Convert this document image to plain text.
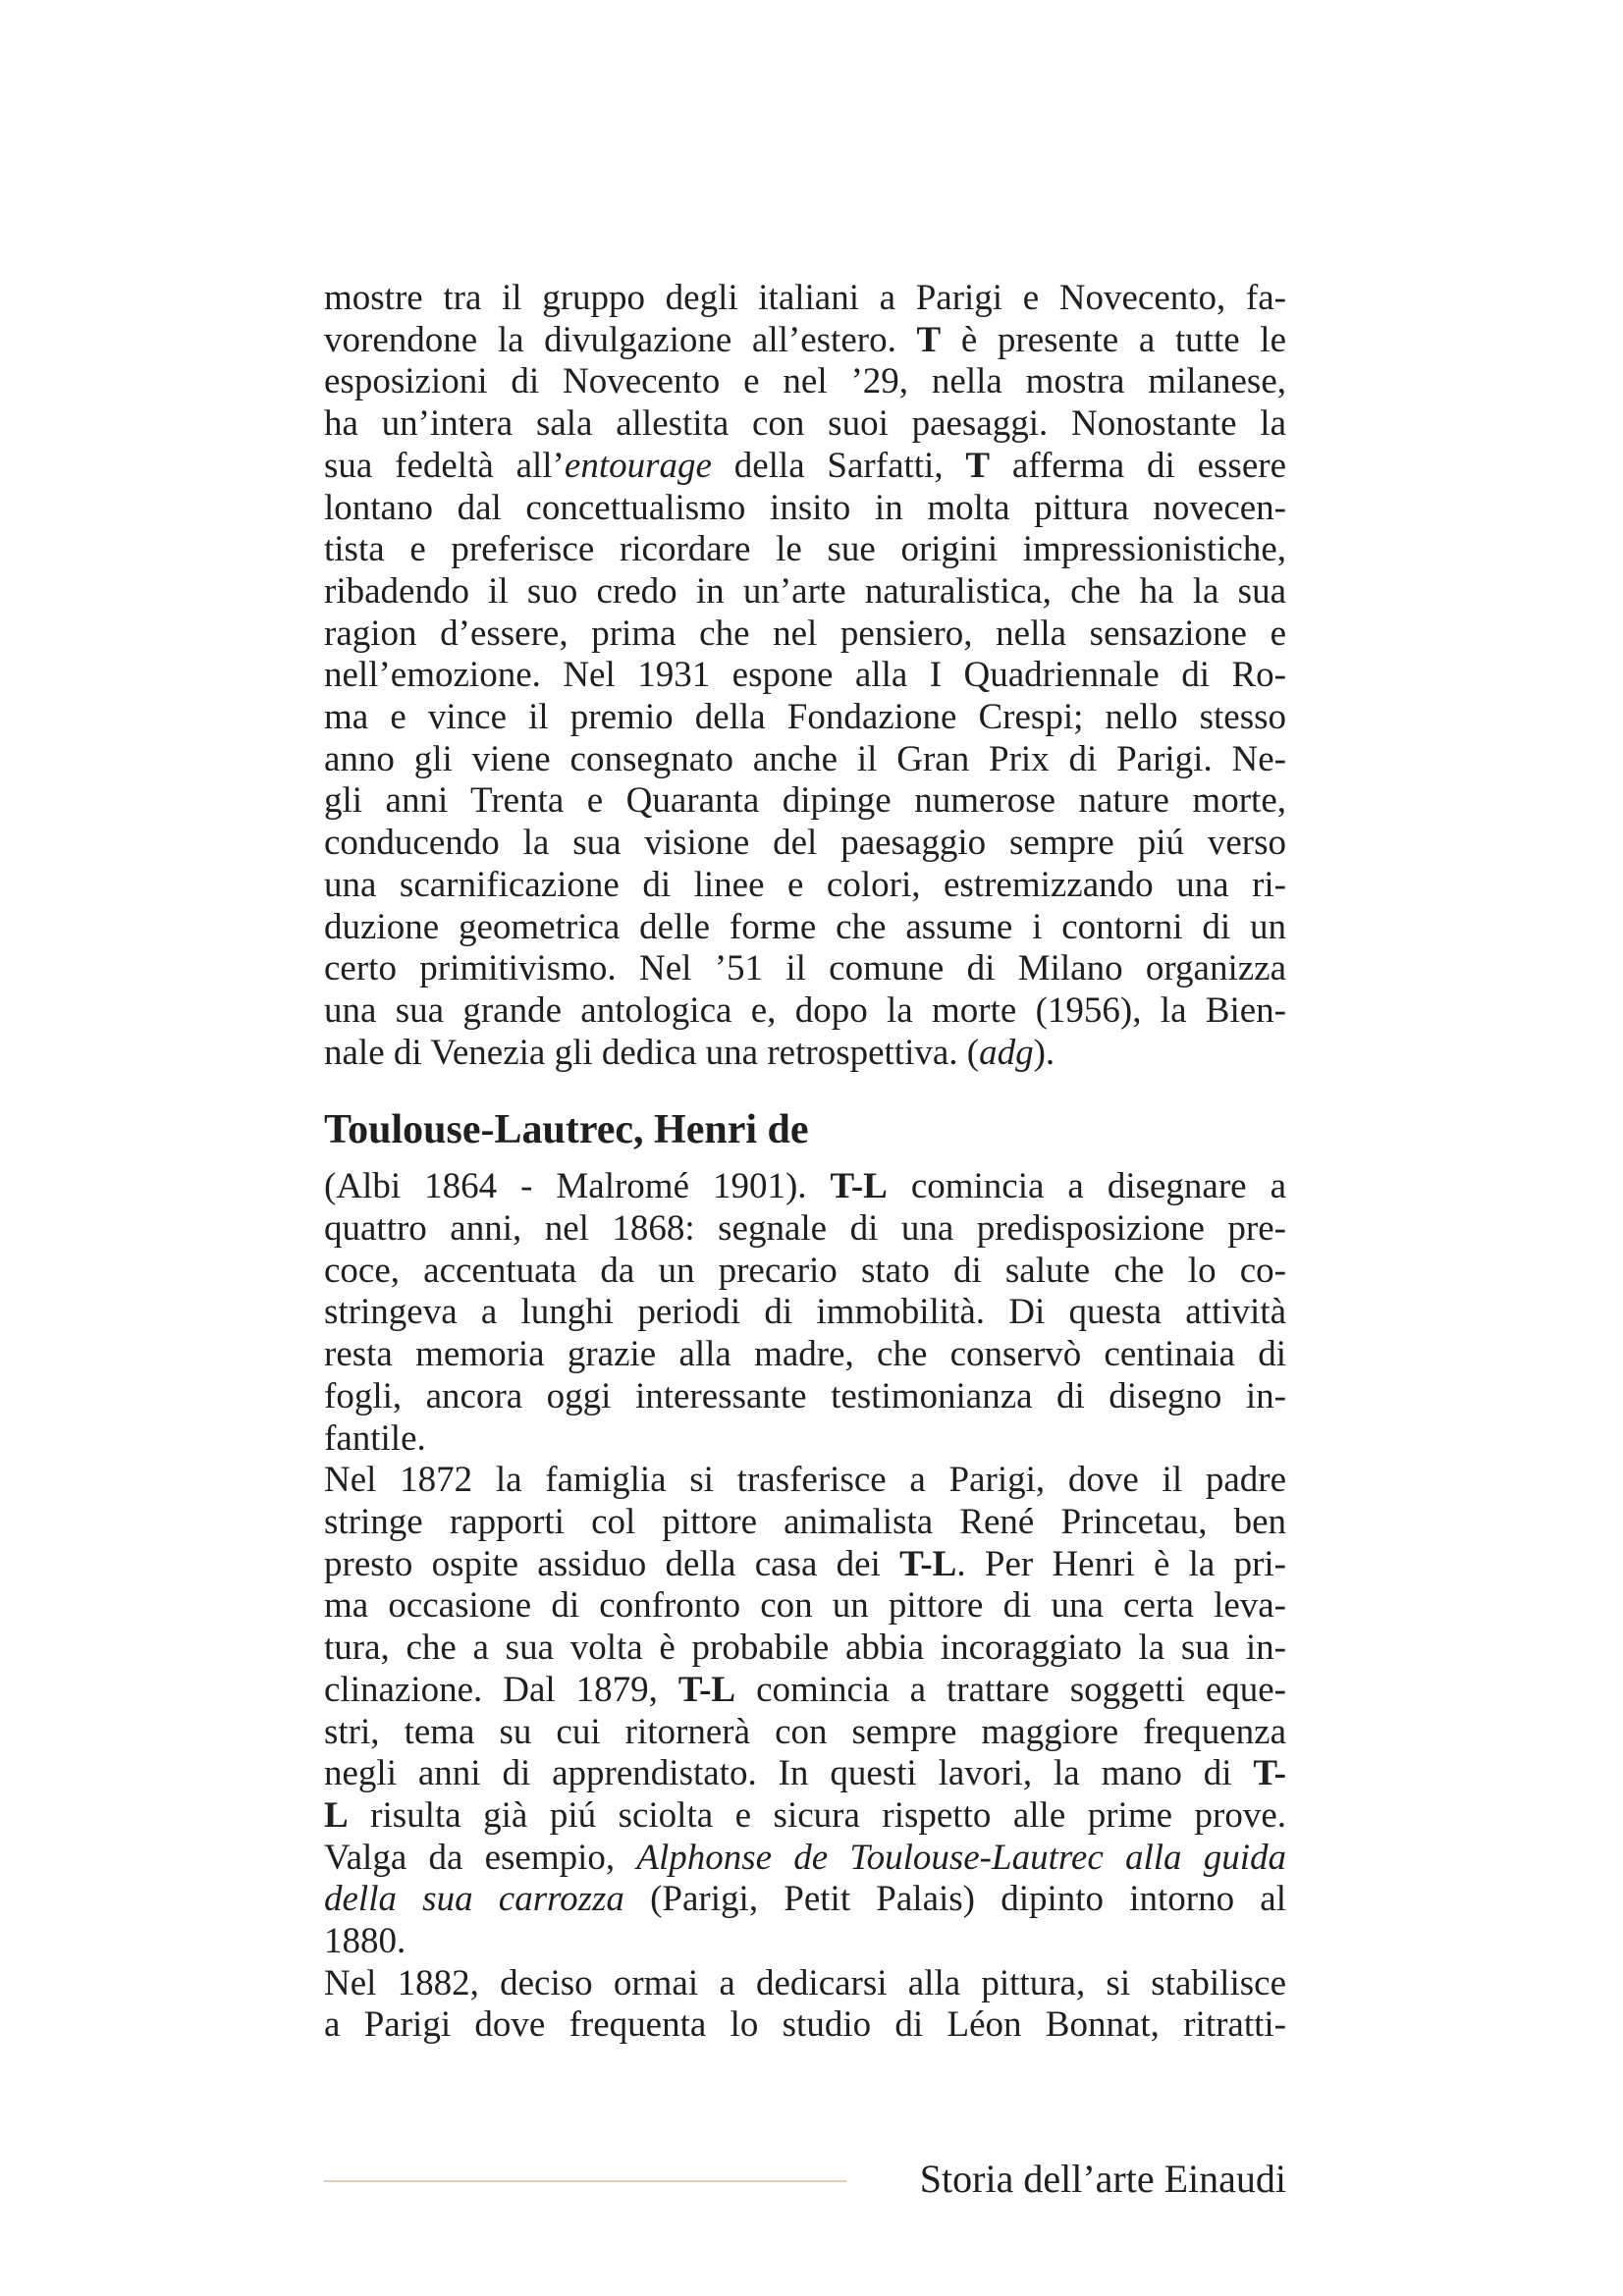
mostre tra il gruppo degli italiani a Parigi e Novecento, fa-
vorendone la divulgazione all’estero. T è presente a tutte le
esposizioni di Novecento e nel ’29, nella mostra milanese,
ha un’intera sala allestita con suoi paesaggi. Nonostante la
sua fedeltà all’entourage della Sarfatti, T afferma di essere
lontano dal concettualismo insito in molta pittura novecen-
tista e preferisce ricordare le sue origini impressionistiche,
ribadendo il suo credo in un’arte naturalistica, che ha la sua
ragion d’essere, prima che nel pensiero, nella sensazione e
nell’emozione. Nel 1931 espone alla I Quadriennale di Ro-
ma e vince il premio della Fondazione Crespi; nello stesso
anno gli viene consegnato anche il Gran Prix di Parigi. Ne-
gli anni Trenta e Quaranta dipinge numerose nature morte,
conducendo la sua visione del paesaggio sempre piú verso
una scarnificazione di linee e colori, estremizzando una ri-
duzione geometrica delle forme che assume i contorni di un
certo primitivismo. Nel ’51 il comune di Milano organizza
una sua grande antologica e, dopo la morte (1956), la Bien-
nale di Venezia gli dedica una retrospettiva. (adg).
Toulouse-Lautrec, Henri de
(Albi 1864 - Malromé 1901). T-L comincia a disegnare a
quattro anni, nel 1868: segnale di una predisposizione pre-
coce, accentuata da un precario stato di salute che lo co-
stringeva a lunghi periodi di immobilità. Di questa attività
resta memoria grazie alla madre, che conservò centinaia di
fogli, ancora oggi interessante testimonianza di disegno in-
fantile.
Nel 1872 la famiglia si trasferisce a Parigi, dove il padre
stringe rapporti col pittore animalista René Princetau, ben
presto ospite assiduo della casa dei T-L. Per Henri è la pri-
ma occasione di confronto con un pittore di una certa leva-
tura, che a sua volta è probabile abbia incoraggiato la sua in-
clinazione. Dal 1879, T-L comincia a trattare soggetti eque-
stri, tema su cui ritornerà con sempre maggiore frequenza
negli anni di apprendistato. In questi lavori, la mano di T-
L risulta già piú sciolta e sicura rispetto alle prime prove.
Valga da esempio, Alphonse de Toulouse-Lautrec alla guida
della sua carrozza (Parigi, Petit Palais) dipinto intorno al
1880.
Nel 1882, deciso ormai a dedicarsi alla pittura, si stabilisce
a Parigi dove frequenta lo studio di Léon Bonnat, ritratti-
Storia dell’arte Einaudi
